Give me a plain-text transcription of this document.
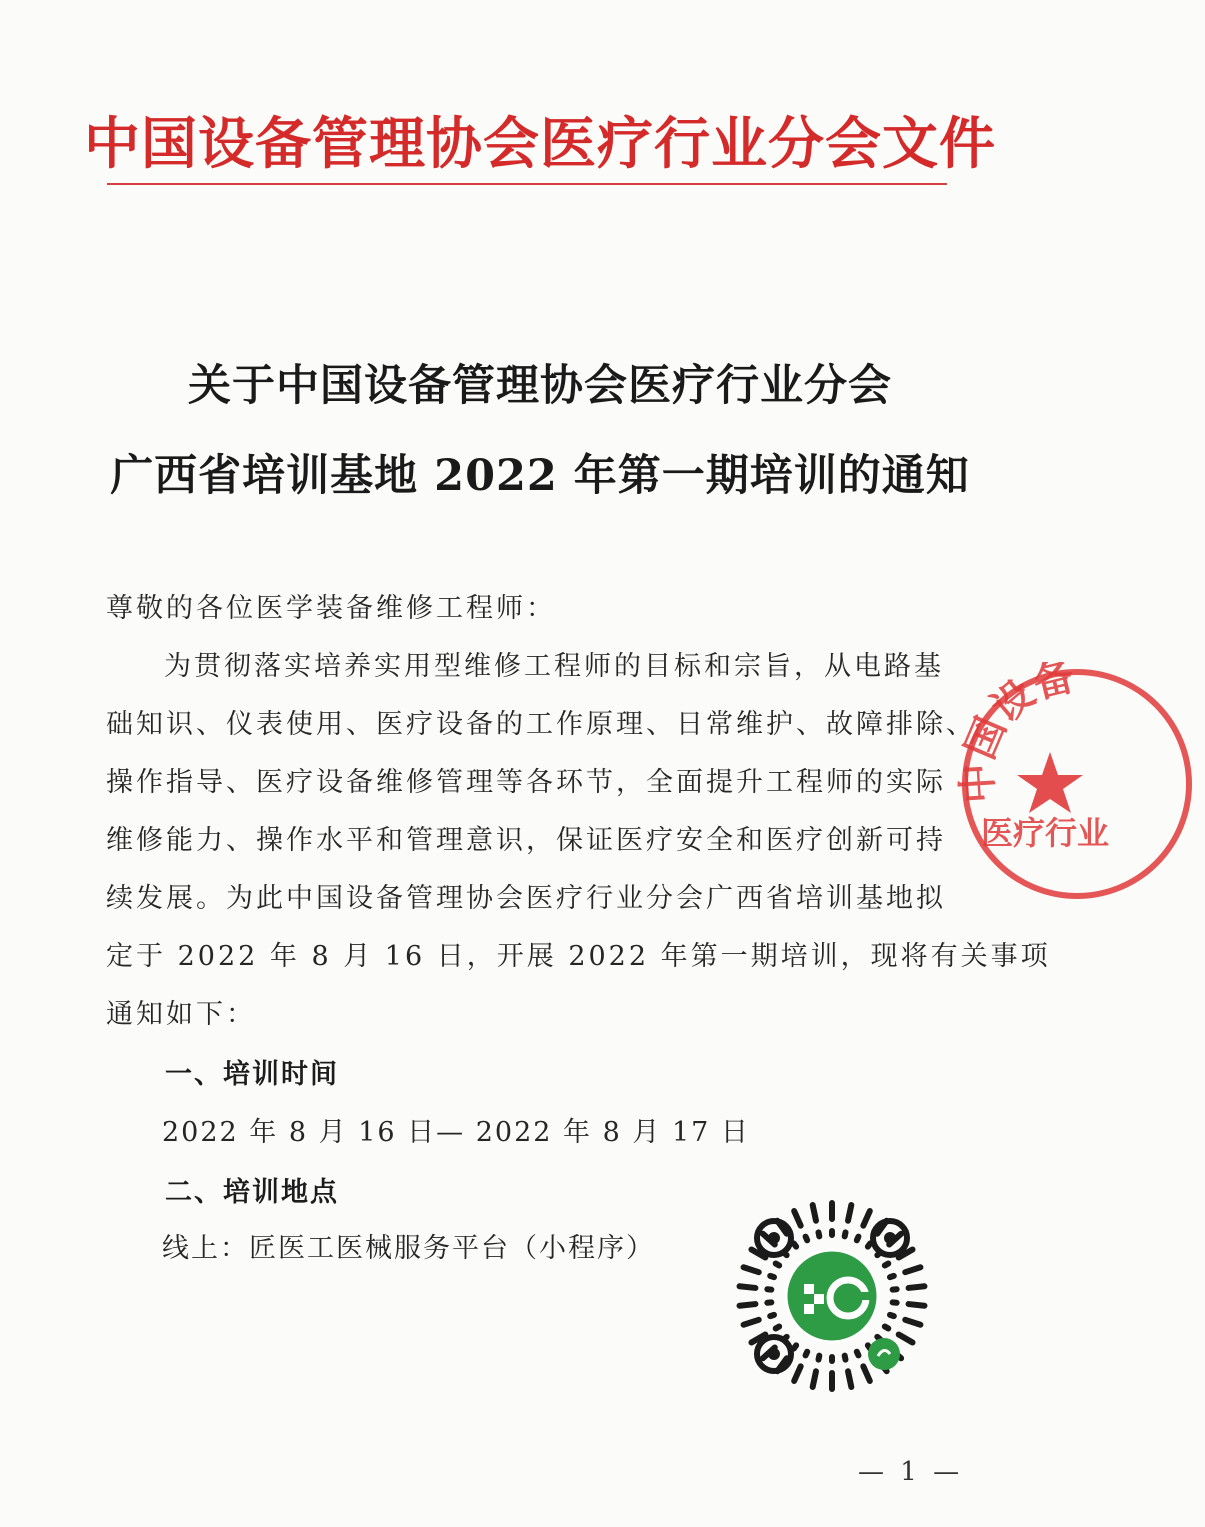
中国设备管理协会医疗行业分会文件
关于中国设备管理协会医疗行业分会
广西省培训基地 2022 年第一期培训的通知
尊敬的各位医学装备维修工程师：
为贯彻落实培养实用型维修工程师的目标和宗旨，从电路基
础知识、仪表使用、医疗设备的工作原理、日常维护、故障排除、
操作指导、医疗设备维修管理等各环节，全面提升工程师的实际
维修能力、操作水平和管理意识，保证医疗安全和医疗创新可持
续发展。为此中国设备管理协会医疗行业分会广西省培训基地拟
定于 2022 年 8 月 16 日，开展 2022 年第一期培训，现将有关事项
通知如下：
一、培训时间
2022 年 8 月 16 日— 2022 年 8 月 17 日
二、培训地点
线上：匠医工医械服务平台（小程序）
中国设备
医疗行业
— 1 —
